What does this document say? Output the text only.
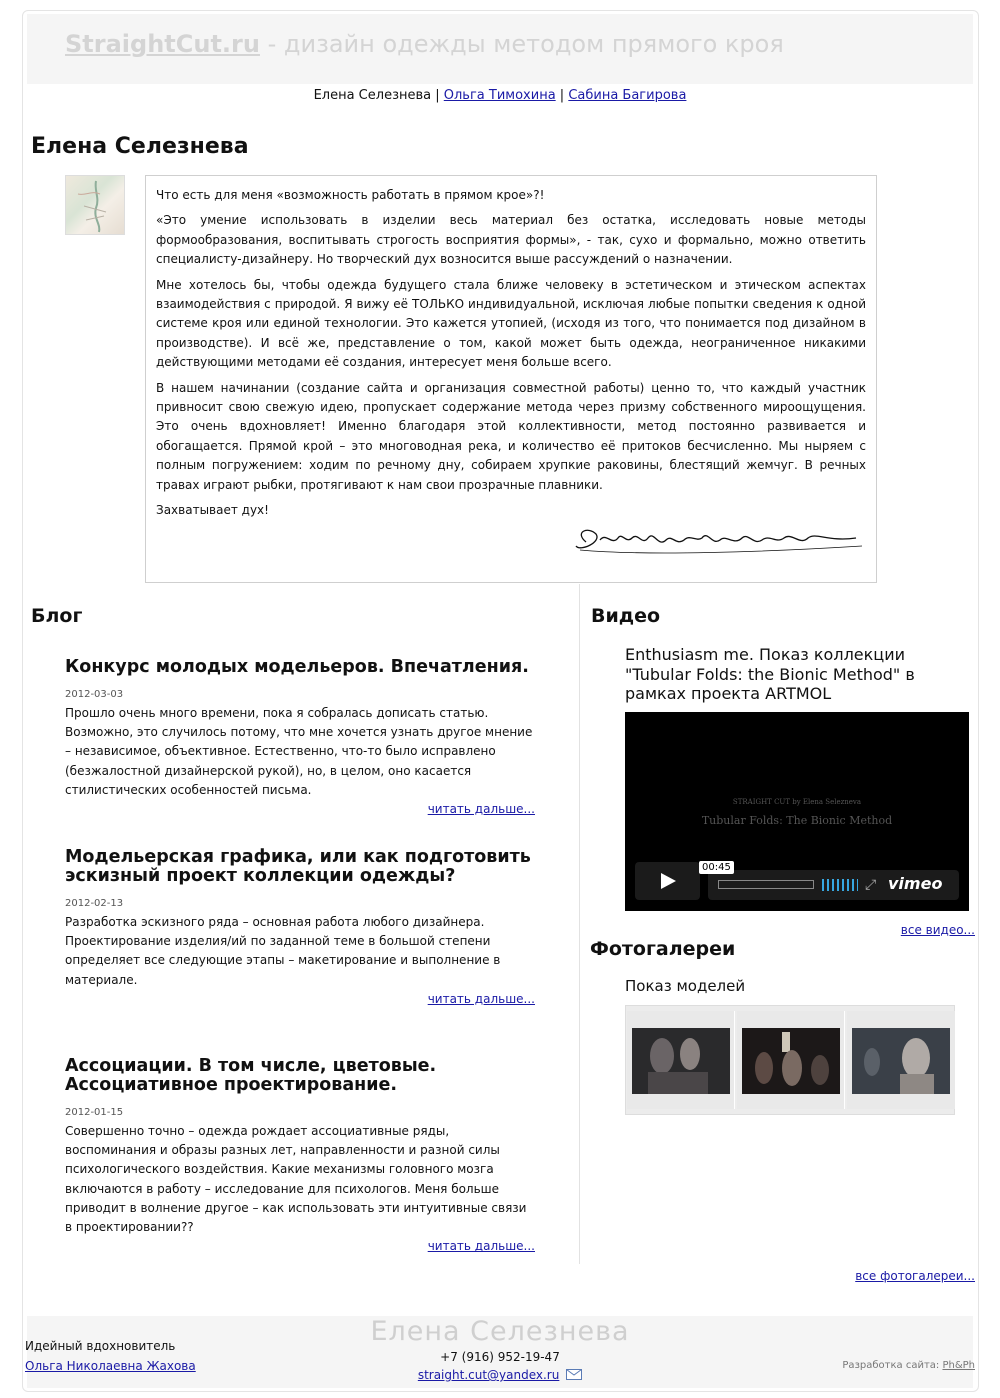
StraightCut.ru - дизайн одежды методом прямого кроя
Елена Селезнева | Ольга Тимохина | Сабина Багирова
Елена Селезнева

Что есть для меня «возможность работать в прямом крое»?!

«Это умение использовать в изделии весь материал без остатка, исследовать новые методы формообразования, воспитывать строгость восприятия формы», - так, сухо и формально, можно ответить специалисту-дизайнеру. Но творческий дух возносится выше рассуждений о назначении.

Мне хотелось бы, чтобы одежда будущего стала ближе человеку в эстетическом и этическом аспектах взаимодействия с природой. Я вижу её ТОЛЬКО индивидуальной, исключая любые попытки сведения к одной системе кроя или единой технологии. Это кажется утопией, (исходя из того, что понимается под дизайном в производстве). И всё же, представление о том, какой может быть одежда, неограниченное никакими действующими методами её создания, интересует меня больше всего.

В нашем начинании (создание сайта и организация совместной работы) ценно то, что каждый участник привносит свою свежую идею, пропускает содержание метода через призму собственного мироощущения. Это очень вдохновляет! Именно благодаря этой коллективности, метод постоянно развивается и обогащается. Прямой крой – это многоводная река, и количество её притоков бесчисленно. Мы ныряем с полным погружением: ходим по речному дну, собираем хрупкие раковины, блестящий жемчуг. В речных травах играют рыбки, протягивают к нам свои прозрачные плавники.

Захватывает дух!

Блог
Конкурс молодых модельеров. Впечатления.
2012-03-03
Прошло очень много времени, пока я собралась дописать статью. Возможно, это случилось потому, что мне хочется узнать другое мнение – независимое, объективное. Естественно, что-то было исправлено (безжалостной дизайнерской рукой), но, в целом, оно касается стилистических особенностей письма.
читать дальше...
Модельерская графика, или как подготовить эскизный проект коллекции одежды?
2012-02-13
Разработка эскизного ряда – основная работа любого дизайнера. Проектирование изделия/ий по заданной теме в большой степени определяет все следующие этапы – макетирование и выполнение в материале.
читать дальше...
Ассоциации. В том числе, цветовые. Ассоциативное проектирование.
2012-01-15
Совершенно точно – одежда рождает ассоциативные ряды, воспоминания и образы разных лет, направленности и разной силы психологического воздействия. Какие механизмы головного мозга включаются в работу – исследование для психологов. Меня больше приводит в волнение другое – как использовать эти интуитивные связи в проектировании??
читать дальше...
Видео
Enthusiasm me. Показ коллекции "Tubular Folds: the Bionic Method" в рамках проекта ARTMOL
STRAIGHT CUT by Elena Selezneva
Tubular Folds: The Bionic Method
⤢ vimeo
00:45
все видео...
Фотогалереи
Показ моделей
все фотогалереи...
Елена Селезнева
Идейный вдохновитель
Ольга Николаевна Жахова
+7 (916) 952-19-47
straight.cut@yandex.ru
Разработка сайта: Ph&Ph
